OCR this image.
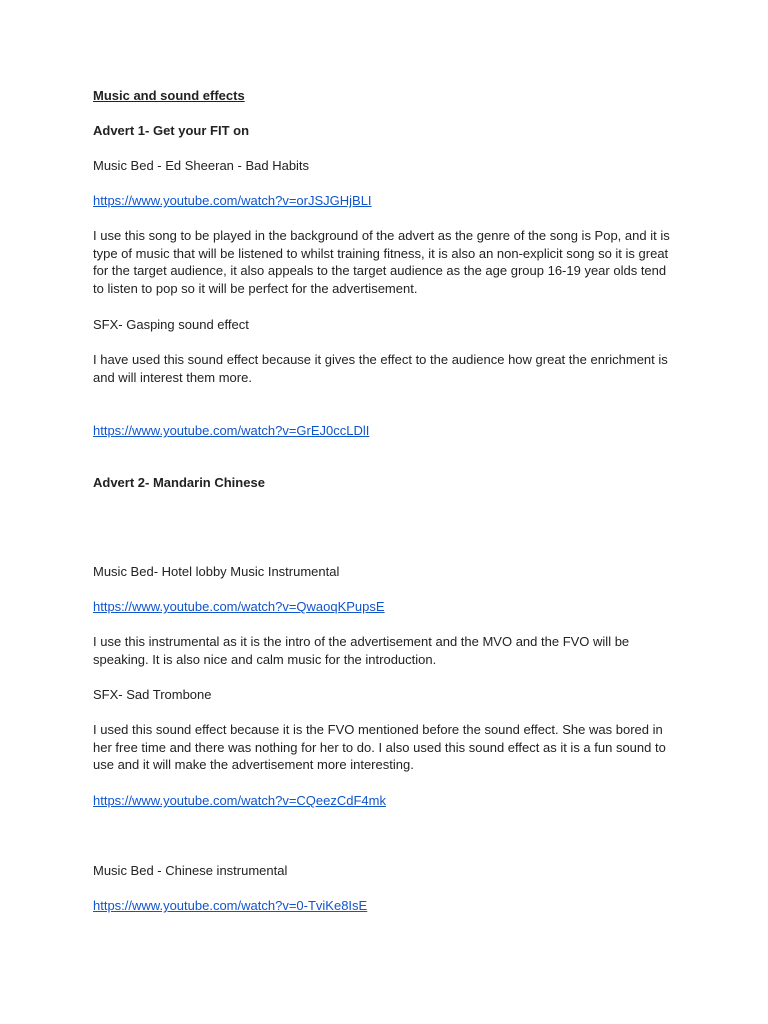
Music and sound effects

Advert 1- Get your FIT on

Music Bed - Ed Sheeran - Bad Habits

https://www.youtube.com/watch?v=orJSJGHjBLI

I use this song to be played in the background of the advert as the genre of the song is Pop, and it is type of music that will be listened to whilst training fitness, it is also an non-explicit song so it is great for the target audience, it also appeals to the target audience as the age group 16-19 year olds tend to listen to pop so it will be perfect for the advertisement.

SFX- Gasping sound effect

I have used this sound effect because it gives the effect to the audience how great the enrichment is and will interest them more.

https://www.youtube.com/watch?v=GrEJ0ccLDlI

Advert 2- Mandarin Chinese

Music Bed- Hotel lobby Music Instrumental

https://www.youtube.com/watch?v=QwaoqKPupsE

I use this instrumental as it is the intro of the advertisement and the MVO and the FVO will be speaking. It is also nice and calm music for the introduction.

SFX- Sad Trombone

I used this sound effect because it is the FVO mentioned before the sound effect. She was bored in her free time and there was nothing for her to do. I also used this sound effect as it is a fun sound to use and it will make the advertisement more interesting.

https://www.youtube.com/watch?v=CQeezCdF4mk

Music Bed - Chinese instrumental

https://www.youtube.com/watch?v=0-TviKe8IsE
